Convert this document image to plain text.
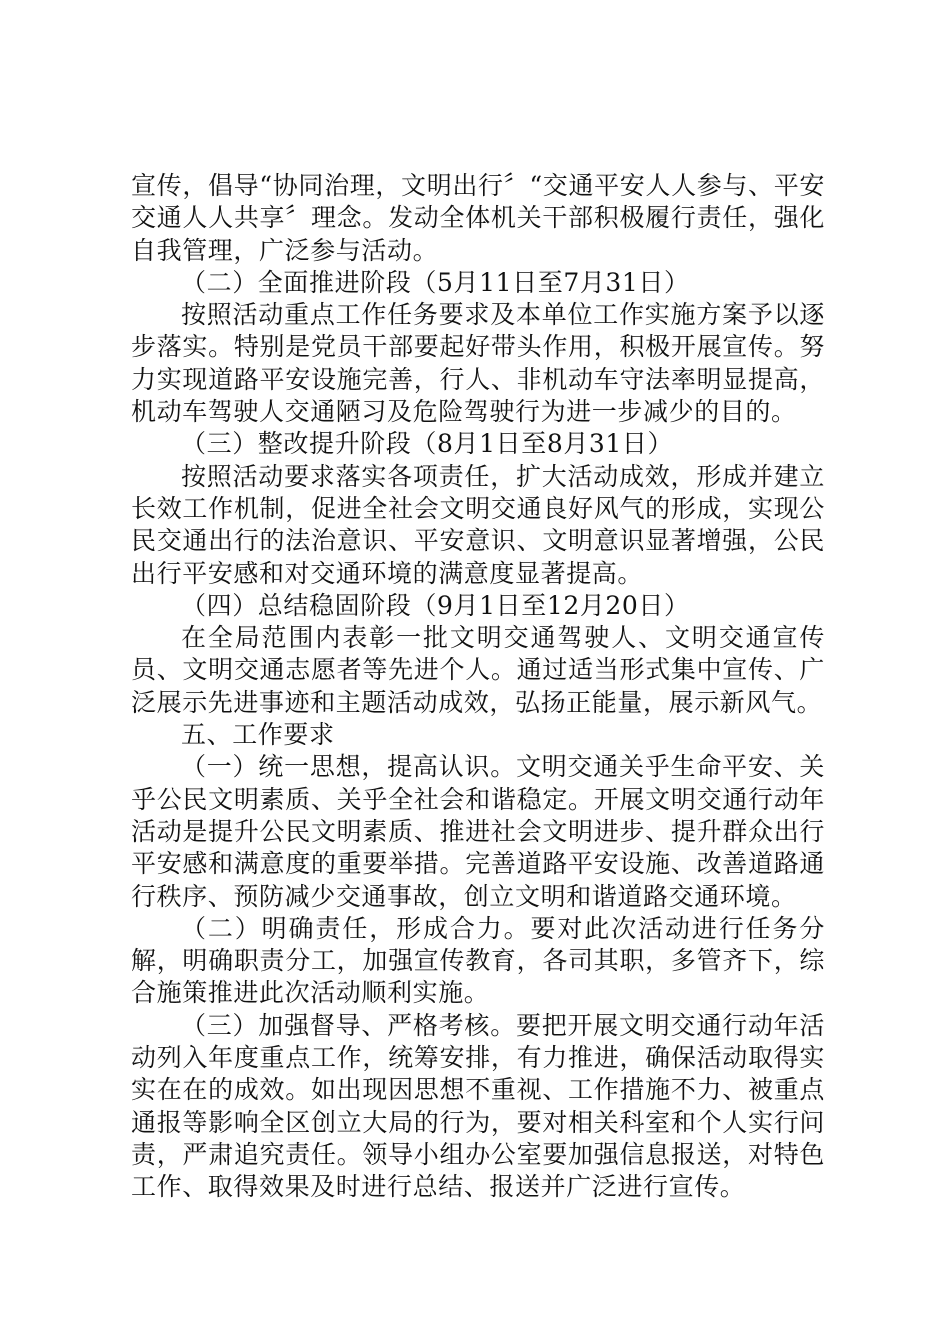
宣传，倡导“协同治理，文明出行〞“交通平安人人参与、平安交通人人共享〞理念。发动全体机关干部积极履行责任，强化自我管理，广泛参与活动。

（二）全面推进阶段（5月11日至7月31日）

按照活动重点工作任务要求及本单位工作实施方案予以逐步落实。特别是党员干部要起好带头作用，积极开展宣传。努力实现道路平安设施完善，行人、非机动车守法率明显提高，机动车驾驶人交通陋习及危险驾驶行为进一步减少的目的。

（三）整改提升阶段（8月1日至8月31日）

按照活动要求落实各项责任，扩大活动成效，形成并建立长效工作机制，促进全社会文明交通良好风气的形成，实现公民交通出行的法治意识、平安意识、文明意识显著增强，公民出行平安感和对交通环境的满意度显著提高。

（四）总结稳固阶段（9月1日至12月20日）

在全局范围内表彰一批文明交通驾驶人、文明交通宣传员、文明交通志愿者等先进个人。通过适当形式集中宣传、广泛展示先进事迹和主题活动成效，弘扬正能量，展示新风气。

五、工作要求

（一）统一思想，提高认识。文明交通关乎生命平安、关乎公民文明素质、关乎全社会和谐稳定。开展文明交通行动年活动是提升公民文明素质、推进社会文明进步、提升群众出行平安感和满意度的重要举措。完善道路平安设施、改善道路通行秩序、预防减少交通事故，创立文明和谐道路交通环境。

（二）明确责任，形成合力。要对此次活动进行任务分解，明确职责分工，加强宣传教育，各司其职，多管齐下，综合施策推进此次活动顺利实施。

（三）加强督导、严格考核。要把开展文明交通行动年活动列入年度重点工作，统筹安排，有力推进，确保活动取得实实在在的成效。如出现因思想不重视、工作措施不力、被重点通报等影响全区创立大局的行为，要对相关科室和个人实行问责，严肃追究责任。领导小组办公室要加强信息报送，对特色工作、取得效果及时进行总结、报送并广泛进行宣传。
